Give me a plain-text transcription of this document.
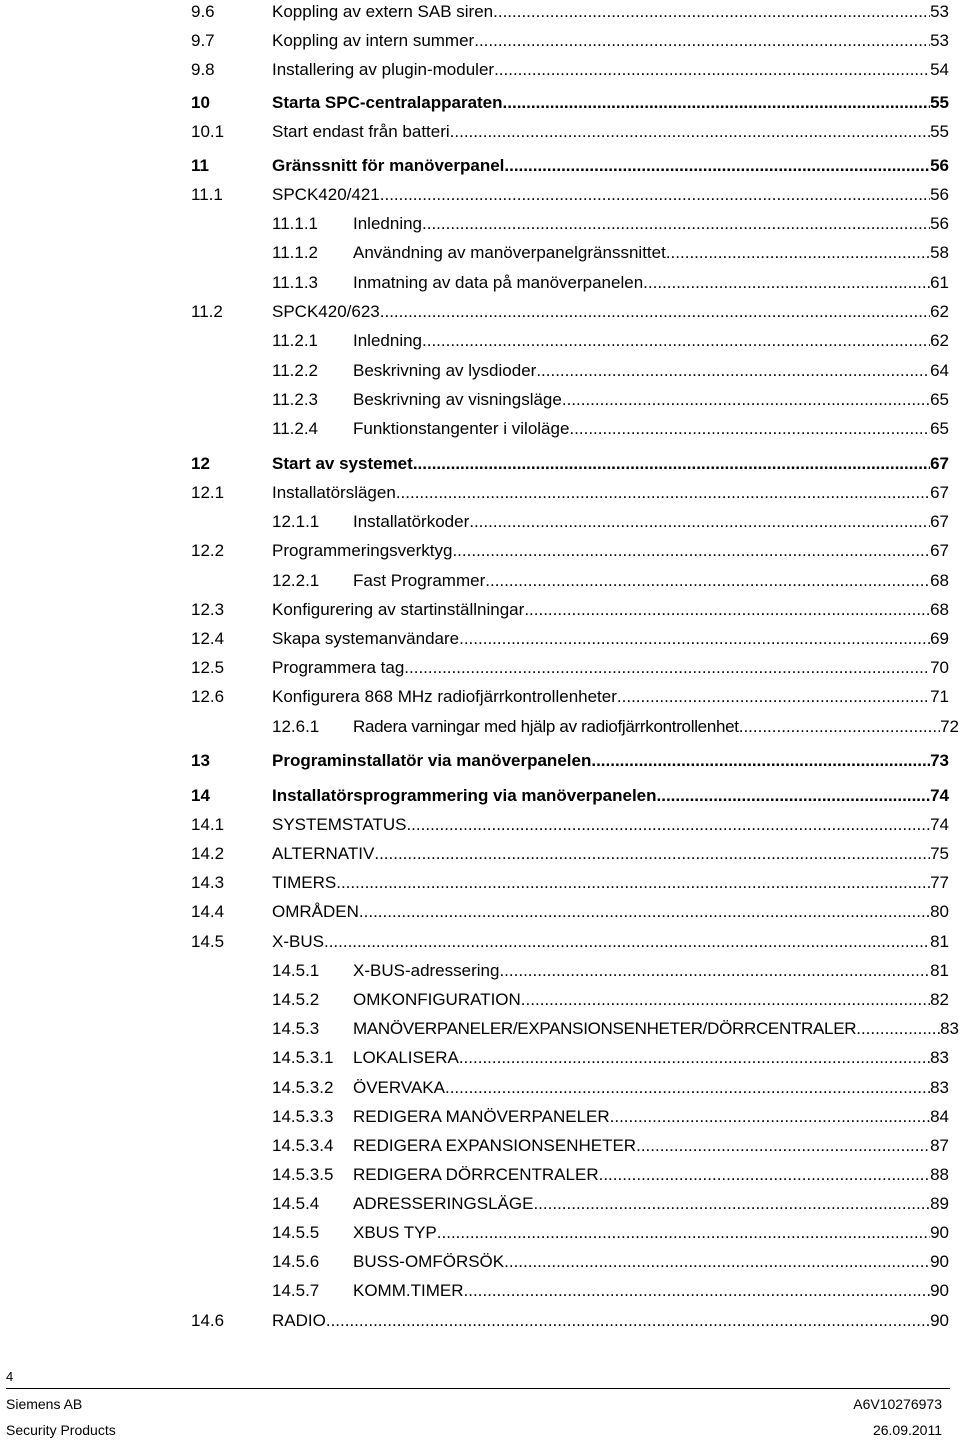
9.6	Koppling av extern SAB siren .....	53
9.7	Koppling av intern summer .....	53
9.8	Installering av plugin-moduler .....	54
10	Starta SPC-centralapparaten .....	55
10.1	Start endast från batteri .....	55
11	Gränssnitt för manöverpanel .....	56
11.1	SPCK420/421 .....	56
11.1.1 Inledning .....	56
11.1.2 Användning av manöverpanelgränssnittet .....	58
11.1.3 Inmatning av data på manöverpanelen .....	61
11.2	SPCK420/623 .....	62
11.2.1 Inledning .....	62
11.2.2 Beskrivning av lysdioder .....	64
11.2.3 Beskrivning av visningsläge .....	65
11.2.4 Funktionstangenter i viloläge .....	65
12	Start av systemet .....	67
12.1	Installatörslägen .....	67
12.1.1 Installatörkoder .....	67
12.2	Programmeringsverktyg .....	67
12.2.1 Fast Programmer .....	68
12.3	Konfigurering av startinställningar .....	68
12.4	Skapa systemanvändare .....	69
12.5	Programmera tag .....	70
12.6	Konfigurera 868 MHz radiofjärrkontrollenheter .....	71
12.6.1 Radera varningar med hjälp av radiofjärrkontrollenhet .....	72
13	Programinstallatör via manöverpanelen .....	73
14	Installatörsprogrammering via manöverpanelen .....	74
14.1	SYSTEMSTATUS .....	74
14.2	ALTERNATIV .....	75
14.3	TIMERS .....	77
14.4	OMRÅDEN .....	80
14.5	X-BUS .....	81
14.5.1 X-BUS-adressering .....	81
14.5.2 OMKONFIGURATION .....	82
14.5.3 MANÖVERPANELER/EXPANSIONSENHETER/DÖRRCENTRALER .....	83
14.5.3.1 LOKALISERA .....	83
14.5.3.2 ÖVERVAKA .....	83
14.5.3.3 REDIGERA MANÖVERPANELER .....	84
14.5.3.4 REDIGERA EXPANSIONSENHETER .....	87
14.5.3.5 REDIGERA DÖRRCENTRALER .....	88
14.5.4 ADRESSERINGSLÄGE .....	89
14.5.5 XBUS TYP .....	90
14.5.6 BUSS-OMFÖRSÖK .....	90
14.5.7 KOMM.TIMER .....	90
14.6	RADIO .....	90
4
Siemens AB	A6V10276973
Security Products	26.09.2011
